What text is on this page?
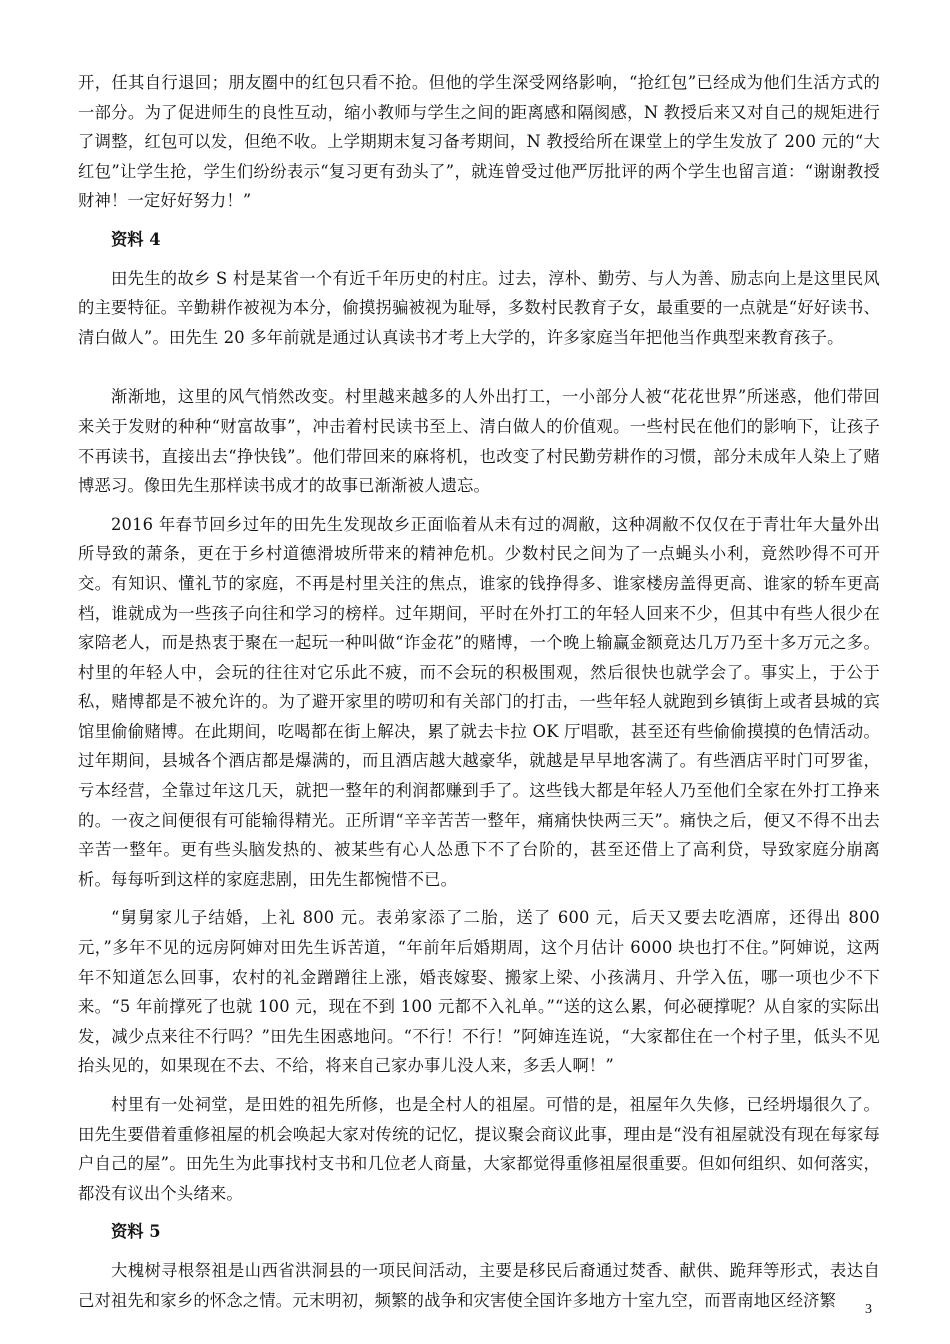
开，任其自行退回；朋友圈中的红包只看不抢。但他的学生深受网络影响，“抢红包”已经成为他们生活方式的一部分。为了促进师生的良性互动，缩小教师与学生之间的距离感和隔阂感，N 教授后来又对自己的规矩进行了调整，红包可以发，但绝不收。上学期期末复习备考期间，N 教授给所在课堂上的学生发放了 200 元的“大红包”让学生抢，学生们纷纷表示“复习更有劲头了”，就连曾受过他严厉批评的两个学生也留言道：“谢谢教授财神！一定好好努力！”

资料 4

田先生的故乡 S 村是某省一个有近千年历史的村庄。过去，淳朴、勤劳、与人为善、励志向上是这里民风的主要特征。辛勤耕作被视为本分，偷摸拐骗被视为耻辱，多数村民教育子女，最重要的一点就是“好好读书、清白做人”。田先生 20 多年前就是通过认真读书才考上大学的，许多家庭当年把他当作典型来教育孩子。

渐渐地，这里的风气悄然改变。村里越来越多的人外出打工，一小部分人被“花花世界”所迷惑，他们带回来关于发财的种种“财富故事”，冲击着村民读书至上、清白做人的价值观。一些村民在他们的影响下，让孩子不再读书，直接出去“挣快钱”。他们带回来的麻将机，也改变了村民勤劳耕作的习惯，部分未成年人染上了赌博恶习。像田先生那样读书成才的故事已渐渐被人遗忘。

2016 年春节回乡过年的田先生发现故乡正面临着从未有过的凋敝，这种凋敝不仅仅在于青壮年大量外出所导致的萧条，更在于乡村道德滑坡所带来的精神危机。少数村民之间为了一点蝇头小利，竟然吵得不可开交。有知识、懂礼节的家庭，不再是村里关注的焦点，谁家的钱挣得多、谁家楼房盖得更高、谁家的轿车更高档，谁就成为一些孩子向往和学习的榜样。过年期间，平时在外打工的年轻人回来不少，但其中有些人很少在家陪老人，而是热衷于聚在一起玩一种叫做“诈金花”的赌博，一个晚上输赢金额竟达几万乃至十多万元之多。村里的年轻人中，会玩的往往对它乐此不疲，而不会玩的积极围观，然后很快也就学会了。事实上，于公于私，赌博都是不被允许的。为了避开家里的唠叨和有关部门的打击，一些年轻人就跑到乡镇街上或者县城的宾馆里偷偷赌博。在此期间，吃喝都在街上解决，累了就去卡拉 OK 厅唱歌，甚至还有些偷偷摸摸的色情活动。过年期间，县城各个酒店都是爆满的，而且酒店越大越豪华，就越是早早地客满了。有些酒店平时门可罗雀，亏本经营，全靠过年这几天，就把一整年的利润都赚到手了。这些钱大都是年轻人乃至他们全家在外打工挣来的。一夜之间便很有可能输得精光。正所谓“辛辛苦苦一整年，痛痛快快两三天”。痛快之后，便又不得不出去辛苦一整年。更有些头脑发热的、被某些有心人怂恿下不了台阶的，甚至还借上了高利贷，导致家庭分崩离析。每每听到这样的家庭悲剧，田先生都惋惜不已。

“舅舅家儿子结婚，上礼 800 元。表弟家添了二胎，送了 600 元，后天又要去吃酒席，还得出 800 元，”多年不见的远房阿婶对田先生诉苦道，“年前年后婚期周，这个月估计 6000 块也打不住。”阿婶说，这两年不知道怎么回事，农村的礼金蹭蹭往上涨，婚丧嫁娶、搬家上梁、小孩满月、升学入伍，哪一项也少不下来。“5 年前撑死了也就 100 元，现在不到 100 元都不入礼单。”“送的这么累，何必硬撑呢？从自家的实际出发，减少点来往不行吗？”田先生困惑地问。“不行！不行！”阿婶连连说，“大家都住在一个村子里，低头不见抬头见的，如果现在不去、不给，将来自己家办事儿没人来，多丢人啊！”

村里有一处祠堂，是田姓的祖先所修，也是全村人的祖屋。可惜的是，祖屋年久失修，已经坍塌很久了。田先生要借着重修祖屋的机会唤起大家对传统的记忆，提议聚会商议此事，理由是“没有祖屋就没有现在每家每户自己的屋”。田先生为此事找村支书和几位老人商量，大家都觉得重修祖屋很重要。但如何组织、如何落实，都没有议出个头绪来。

资料 5

大槐树寻根祭祖是山西省洪洞县的一项民间活动，主要是移民后裔通过焚香、献供、跪拜等形式，表达自己对祖先和家乡的怀念之情。元末明初，频繁的战争和灾害使全国许多地方十室九空，而晋南地区经济繁	3
